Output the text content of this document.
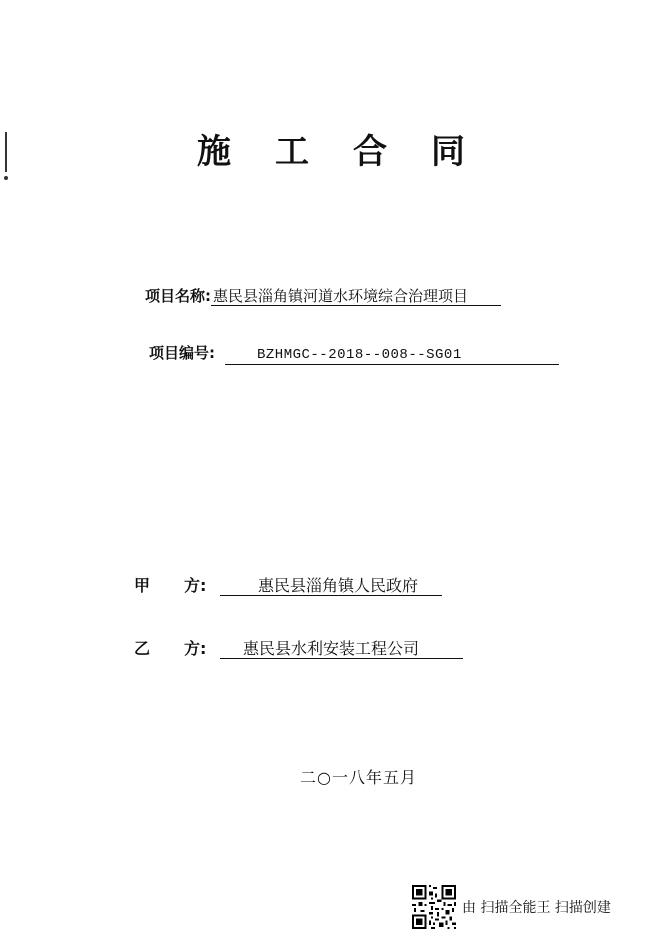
施 工 合 同
项目名称: 惠民县淄角镇河道水环境综合治理项目
项目编号:	BZHMGC--2018--008--SG01
甲 方:	惠民县淄角镇人民政府
乙 方: 惠民县水利安装工程公司
二○一八年五月
由 扫描全能王 扫描创建
